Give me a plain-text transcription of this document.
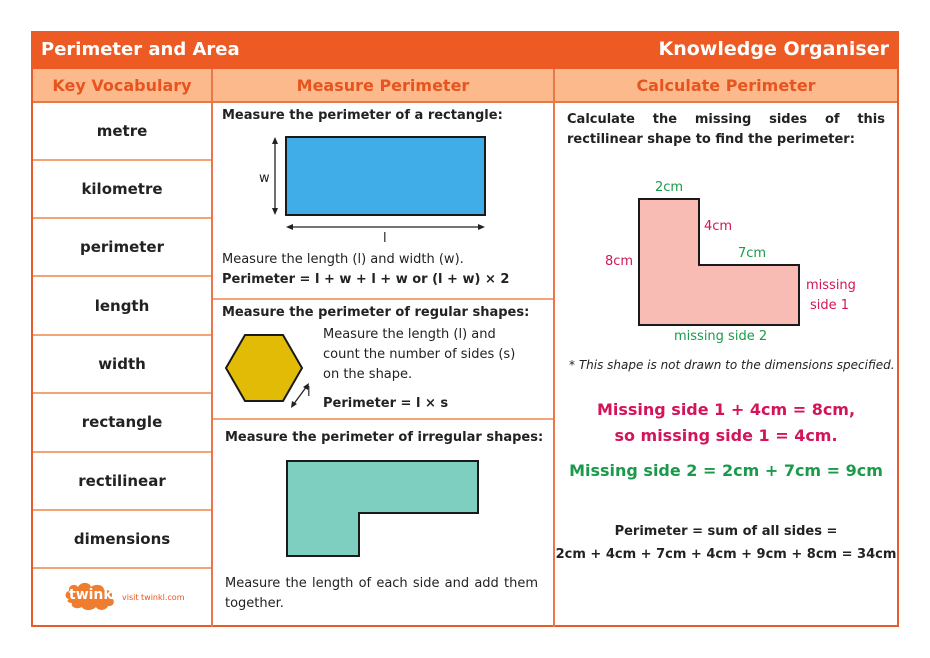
Perimeter and Area	Knowledge Organiser
Key Vocabulary	Measure Perimeter	Calculate Perimeter
metre
kilometre
perimeter
length
width
rectangle
rectilinear
dimensions
twinkl visit twinkl.com
Measure the perimeter of a rectangle:
w
l
Measure the length (l) and width (w).
Perimeter = l + w + l + w or (l + w) × 2
Measure the perimeter of regular shapes:
l
Measure the length (l) and count the number of sides (s) on the shape.
Perimeter = l × s
Measure the perimeter of irregular shapes:
Measure the length of each side and add them together.
Calculate the missing sides of this rectilinear shape to find the perimeter:
2cm
4cm
7cm
8cm
missing
side 1
missing side 2
* This shape is not drawn to the dimensions specified.
Missing side 1 + 4cm = 8cm,
so missing side 1 = 4cm.
Missing side 2 = 2cm + 7cm = 9cm
Perimeter = sum of all sides =
2cm + 4cm + 7cm + 4cm + 9cm + 8cm = 34cm
